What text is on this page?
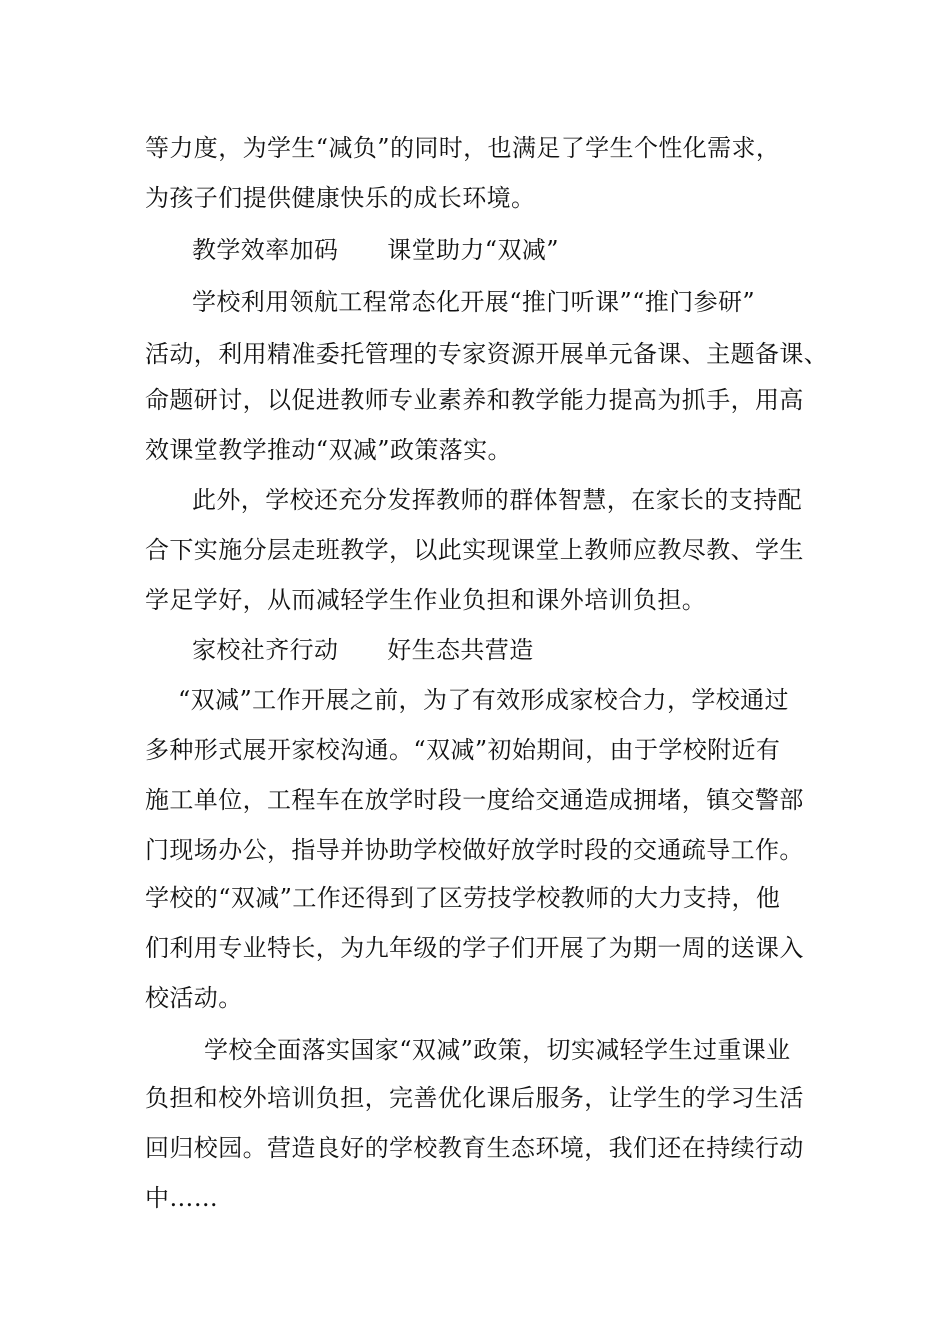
等力度，为学生“减负”的同时，也满足了学生个性化需求，
为孩子们提供健康快乐的成长环境。
教学效率加码　　课堂助力“双减”
学校利用领航工程常态化开展“推门听课”“推门参研”
活动，利用精准委托管理的专家资源开展单元备课、主题备课、
命题研讨，以促进教师专业素养和教学能力提高为抓手，用高
效课堂教学推动“双减”政策落实。
此外，学校还充分发挥教师的群体智慧，在家长的支持配
合下实施分层走班教学，以此实现课堂上教师应教尽教、学生
学足学好，从而减轻学生作业负担和课外培训负担。
家校社齐行动　　好生态共营造
“双减”工作开展之前，为了有效形成家校合力，学校通过
多种形式展开家校沟通。“双减”初始期间，由于学校附近有
施工单位，工程车在放学时段一度给交通造成拥堵，镇交警部
门现场办公，指导并协助学校做好放学时段的交通疏导工作。
学校的“双减”工作还得到了区劳技学校教师的大力支持，他
们利用专业特长，为九年级的学子们开展了为期一周的送课入
校活动。
学校全面落实国家“双减”政策，切实减轻学生过重课业
负担和校外培训负担，完善优化课后服务，让学生的学习生活
回归校园。营造良好的学校教育生态环境，我们还在持续行动
中……
